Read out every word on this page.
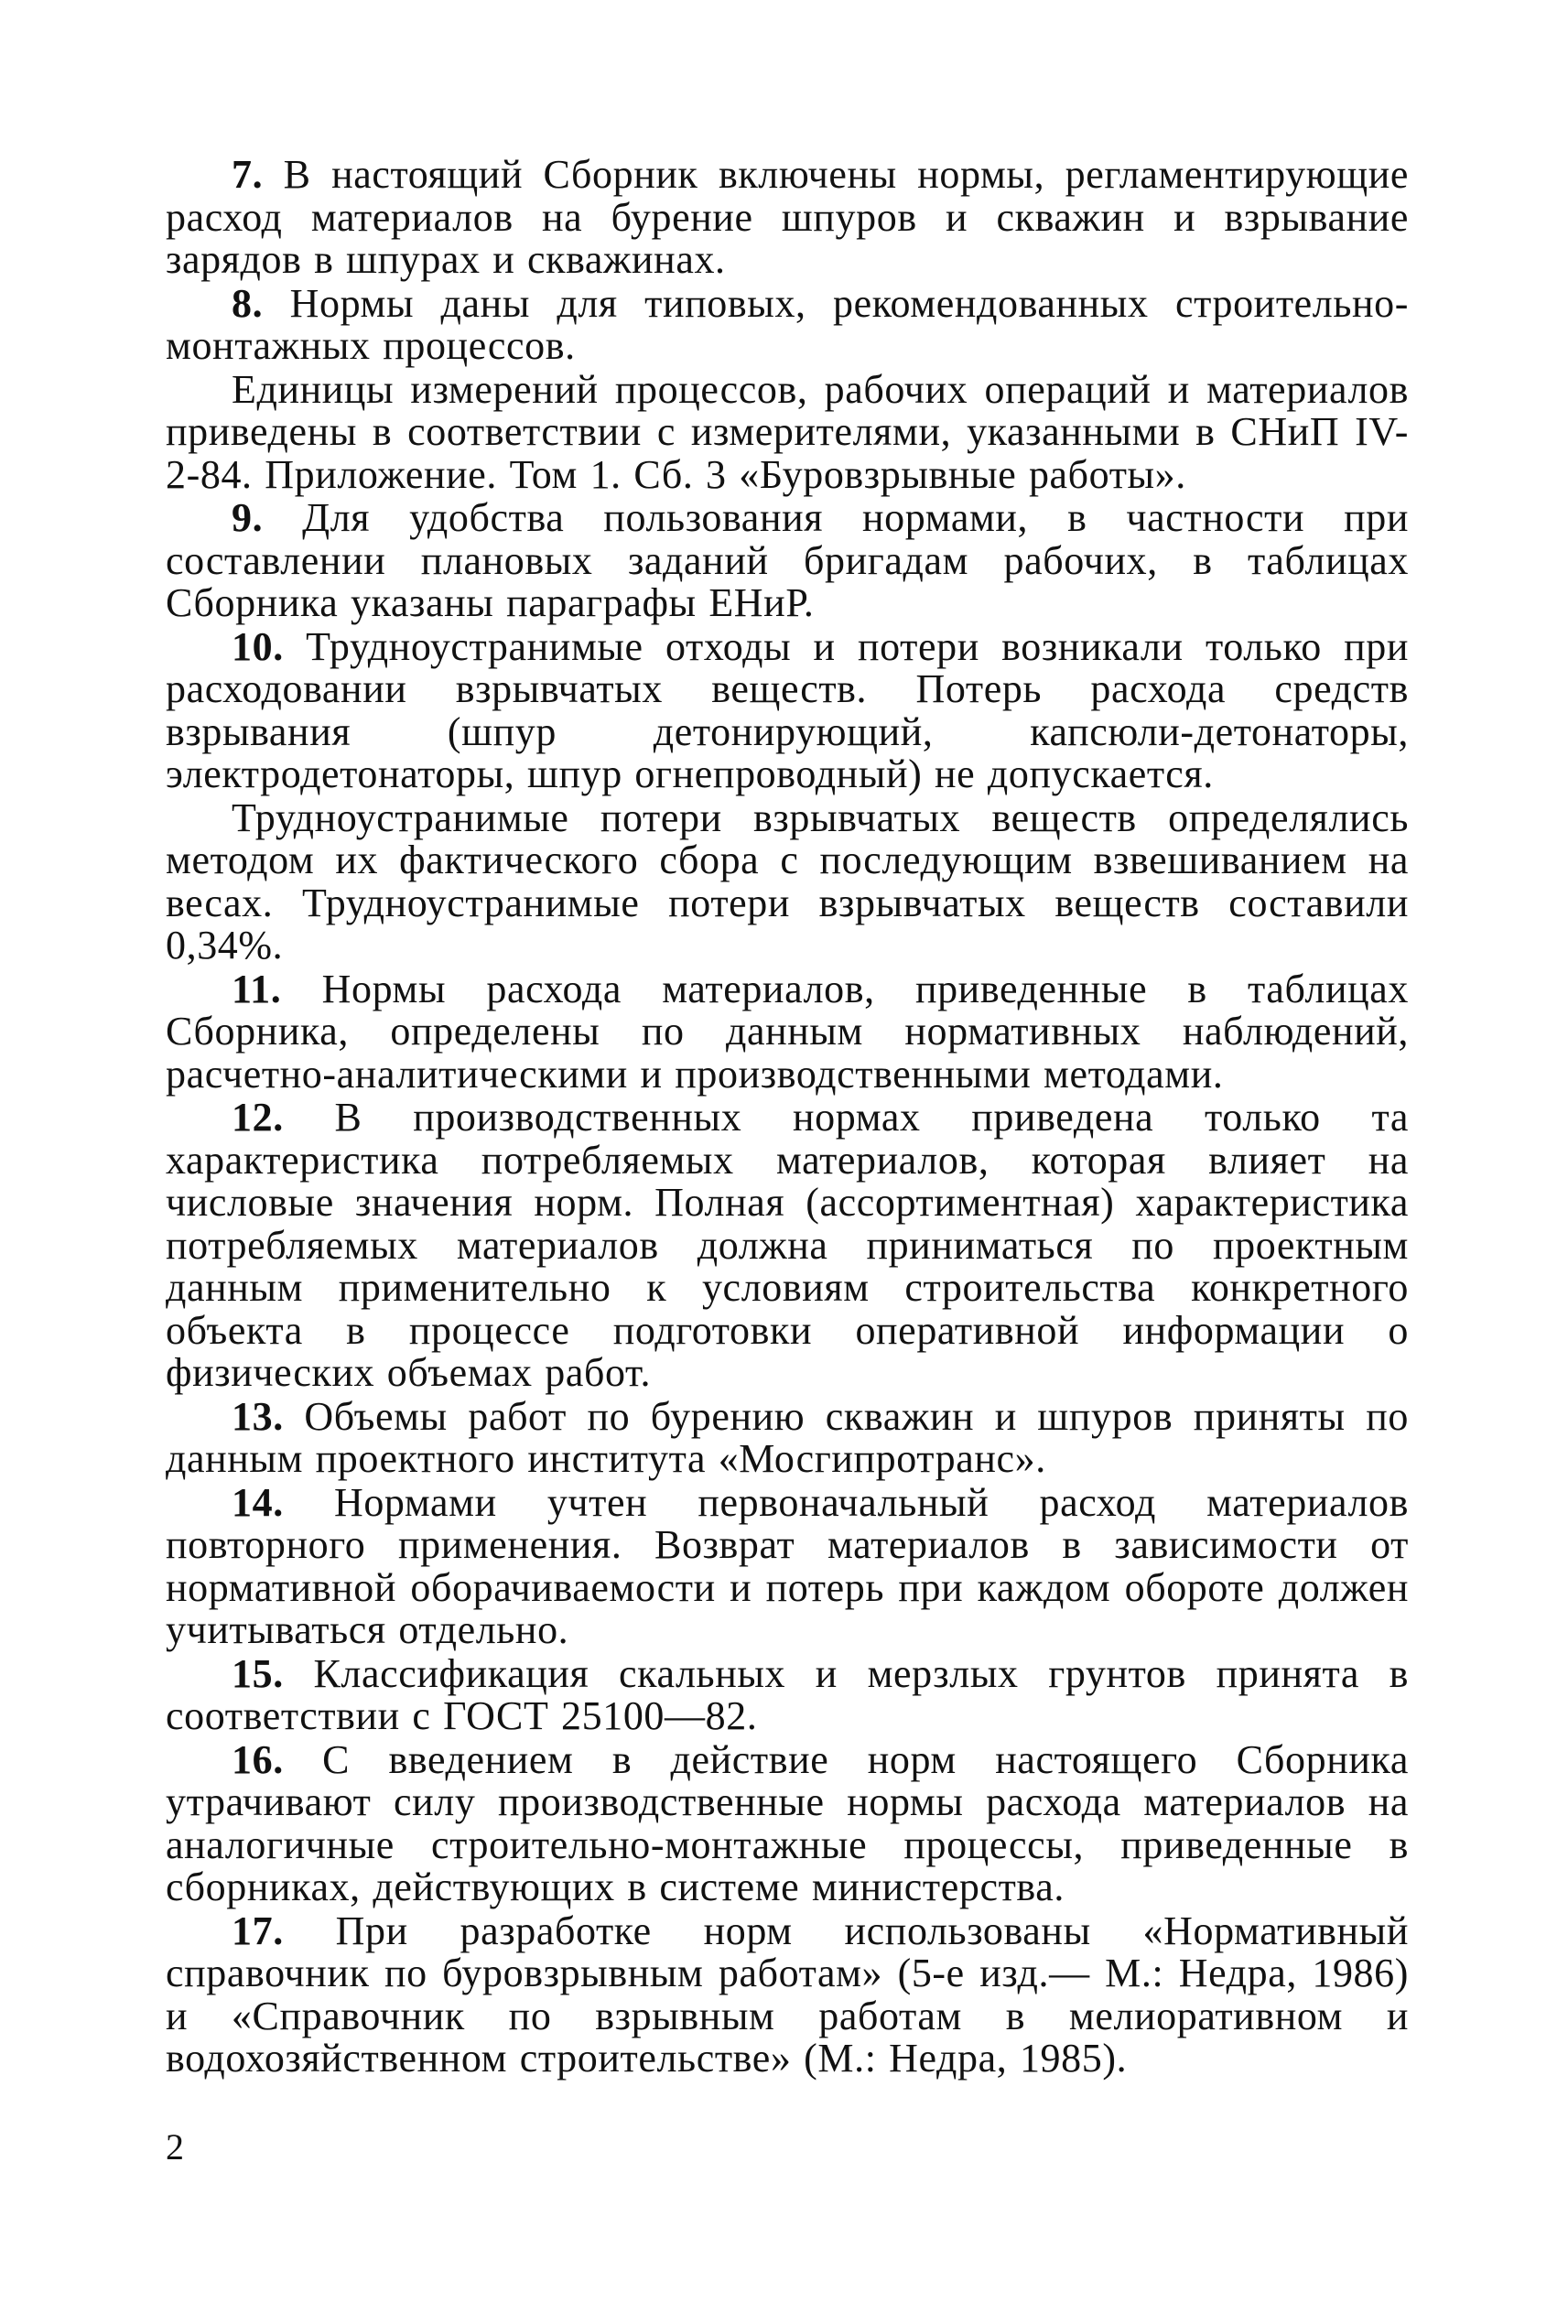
7. В настоящий Сборник включены нормы, регламентирующие расход материалов на бурение шпуров и скважин и взрывание зарядов в шпурах и скважинах.

8. Нормы даны для типовых, рекомендованных строительно-монтажных процессов.

Единицы измерений процессов, рабочих операций и материалов приведены в соответствии с измерителями, указанными в СНиП IV-2-84. Приложение. Том 1. Сб. 3 «Буровзрывные работы».

9. Для удобства пользования нормами, в частности при составлении плановых заданий бригадам рабочих, в таблицах Сборника указаны параграфы ЕНиР.

10. Трудноустранимые отходы и потери возникали только при расходовании взрывчатых веществ. Потерь расхода средств взрывания (шпур детонирующий, капсюли-детонаторы, электродетонаторы, шпур огнепроводный) не допускается.

Трудноустранимые потери взрывчатых веществ определялись методом их фактического сбора с последующим взвешиванием на весах. Трудноустранимые потери взрывчатых веществ составили 0,34%.

11. Нормы расхода материалов, приведенные в таблицах Сборника, определены по данным нормативных наблюдений, расчетно-аналитическими и производственными методами.

12. В производственных нормах приведена только та характеристика потребляемых материалов, которая влияет на числовые значения норм. Полная (ассортиментная) характеристика потребляемых материалов должна приниматься по проектным данным применительно к условиям строительства конкретного объекта в процессе подготовки оперативной информации о физических объемах работ.

13. Объемы работ по бурению скважин и шпуров приняты по данным проектного института «Мосгипротранс».

14. Нормами учтен первоначальный расход материалов повторного применения. Возврат материалов в зависимости от нормативной оборачиваемости и потерь при каждом обороте должен учитываться отдельно.

15. Классификация скальных и мерзлых грунтов принята в соответствии с ГОСТ 25100—82.

16. С введением в действие норм настоящего Сборника утрачивают силу производственные нормы расхода материалов на аналогичные строительно-монтажные процессы, приведенные в сборниках, действующих в системе министерства.

17. При разработке норм использованы «Нормативный справочник по буровзрывным работам» (5-е изд.— М.: Недра, 1986) и «Справочник по взрывным работам в мелиоративном и водохозяйственном строительстве» (М.: Недра, 1985).

2
